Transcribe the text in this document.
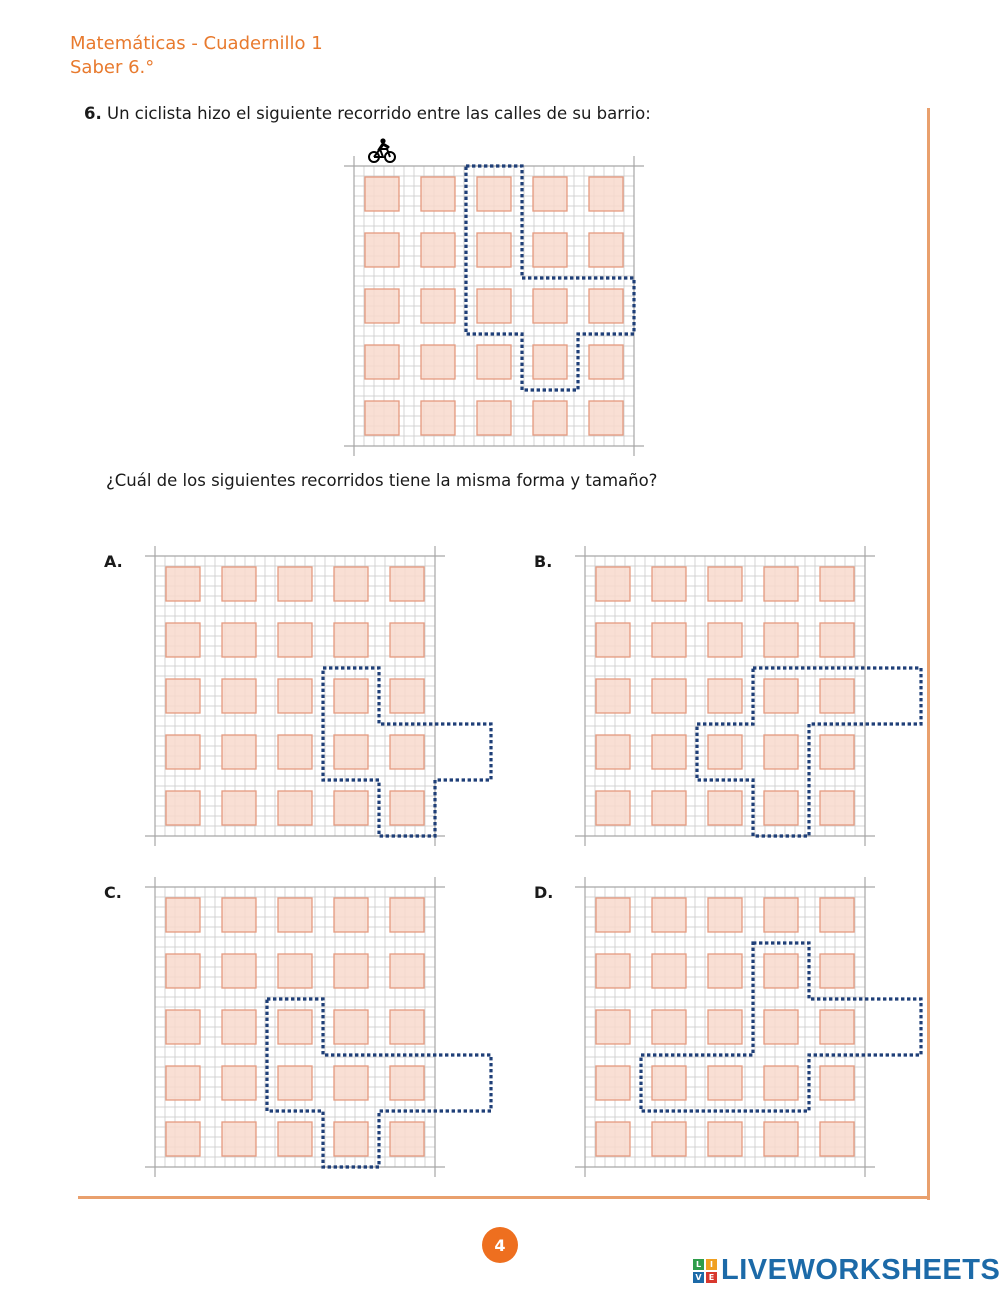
Matemáticas - Cuadernillo 1
Saber 6.°
6. Un ciclista hizo el siguiente recorrido entre las calles de su barrio:
¿Cuál de los siguientes recorridos tiene la misma forma y tamaño?
A.	B.
C.	D.
4
L	I
V E LIVEWORKSHEETS
